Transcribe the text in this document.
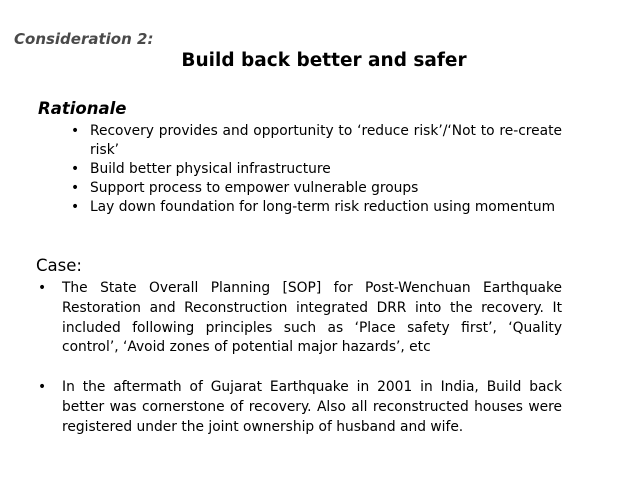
Consideration 2:
Build back better and safer
Rationale
• Recovery provides and opportunity to ‘reduce risk’/‘Not to re-create risk’
• Build better physical infrastructure
• Support process to empower vulnerable groups
• Lay down foundation for long-term risk reduction using momentum
Case:
• The State Overall Planning [SOP] for Post-Wenchuan Earthquake Restoration and Reconstruction integrated DRR into the recovery. It included following principles such as ‘Place safety first’, ‘Quality control’, ‘Avoid zones of potential major hazards’, etc
• In the aftermath of Gujarat Earthquake in 2001 in India, Build back better was cornerstone of recovery. Also all reconstructed houses were registered under the joint ownership of husband and wife.
